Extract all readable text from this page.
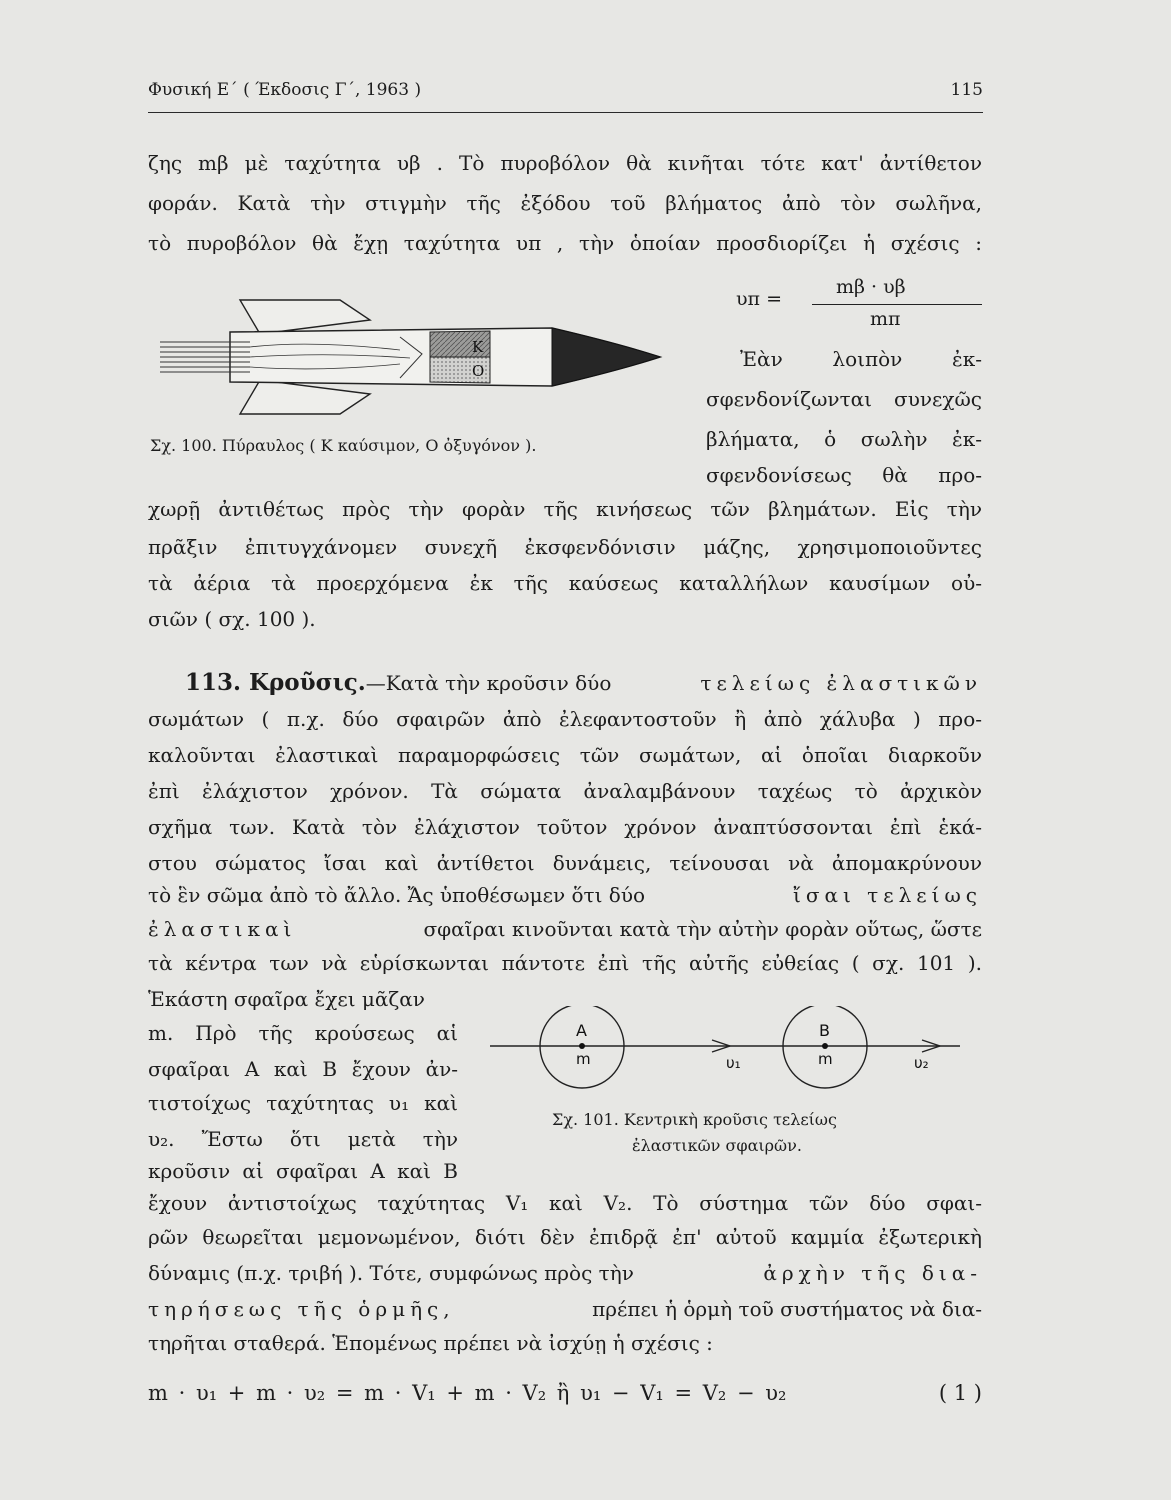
Φυσική Ε΄ ( Έκδοσις Γ΄, 1963 )	115
ζης mβ μὲ ταχύτητα υβ . Τὸ πυροβόλον θὰ κινῆται τότε κατ' ἀντίθετον
φοράν. Κατὰ τὴν στιγμὴν τῆς ἐξόδου τοῦ βλήματος ἀπὸ τὸν σωλῆνα,
τὸ πυροβόλον θὰ ἔχῃ ταχύτητα υπ , τὴν ὁποίαν προσδιορίζει ἡ σχέσις :
υπ =
mβ · υβ
mπ
Κ
Ο
Σχ. 100. Πύραυλος ( Κ καύσιμον, Ο ὀξυγόνον ).
Ἐὰν λοιπὸν ἐκ-
σφενδονίζωνται συνεχῶς
βλήματα, ὁ σωλὴν ἐκ-
σφενδονίσεως θὰ προ-
χωρῇ ἀντιθέτως πρὸς τὴν φορὰν τῆς κινήσεως τῶν βλημάτων. Εἰς τὴν
πρᾶξιν ἐπιτυγχάνομεν συνεχῆ ἐκσφενδόνισιν μάζης, χρησιμοποιοῦντες
τὰ ἀέρια τὰ προερχόμενα ἐκ τῆς καύσεως καταλλήλων καυσίμων οὐ-
σιῶν ( σχ. 100 ).
113. Κροῦσις.—Κατὰ τὴν κροῦσιν δύο	τελείως ἐλαστικῶν
σωμάτων ( π.χ. δύο σφαιρῶν ἀπὸ ἐλεφαντοστοῦν ἢ ἀπὸ χάλυβα ) προ-
καλοῦνται ἐλαστικαὶ παραμορφώσεις τῶν σωμάτων, αἱ ὁποῖαι διαρκοῦν
ἐπὶ ἐλάχιστον χρόνον. Τὰ σώματα ἀναλαμβάνουν ταχέως τὸ ἀρχικὸν
σχῆμα των. Κατὰ τὸν ἐλάχιστον τοῦτον χρόνον ἀναπτύσσονται ἐπὶ ἑκά-
στου σώματος ἴσαι καὶ ἀντίθετοι δυνάμεις, τείνουσαι νὰ ἀπομακρύνουν
τὸ ἓν σῶμα ἀπὸ τὸ ἄλλο. Ἄς ὑποθέσωμεν ὅτι δύο	ἴσαι τελείως
ἐλαστικαὶ	σφαῖραι κινοῦνται κατὰ τὴν αὐτὴν φορὰν οὕτως, ὥστε
τὰ κέντρα των νὰ εὑρίσκωνται πάντοτε ἐπὶ τῆς αὐτῆς εὐθείας ( σχ. 101 ).
Ἑκάστη σφαῖρα ἔχει μᾶζαν
m. Πρὸ τῆς κρούσεως αἱ
σφαῖραι Α καὶ Β ἔχουν ἀν-
τιστοίχως ταχύτητας υ₁ καὶ
υ₂. Ἔστω ὅτι μετὰ τὴν
κροῦσιν αἱ σφαῖραι Α καὶ Β
Α
m	υ₁
Β
m	υ₂
Σχ. 101. Κεντρικὴ κροῦσις τελείως
ἐλαστικῶν σφαιρῶν.
ἔχουν ἀντιστοίχως ταχύτητας V₁ καὶ V₂. Τὸ σύστημα τῶν δύο σφαι-
ρῶν θεωρεῖται μεμονωμένον, διότι δὲν ἐπιδρᾷ ἐπ' αὐτοῦ καμμία ἐξωτερικὴ
δύναμις (π.χ. τριβή ). Τότε, συμφώνως πρὸς τὴν	ἀρχὴν τῆς δια-
τηρήσεως τῆς ὁρμῆς,	πρέπει ἡ ὁρμὴ τοῦ συστήματος νὰ δια-
τηρῆται σταθερά. Ἑπομένως πρέπει νὰ ἰσχύῃ ἡ σχέσις :
m · υ₁ + m · υ₂ = m · V₁ + m · V₂ ἢ υ₁ − V₁ = V₂ − υ₂	( 1 )
